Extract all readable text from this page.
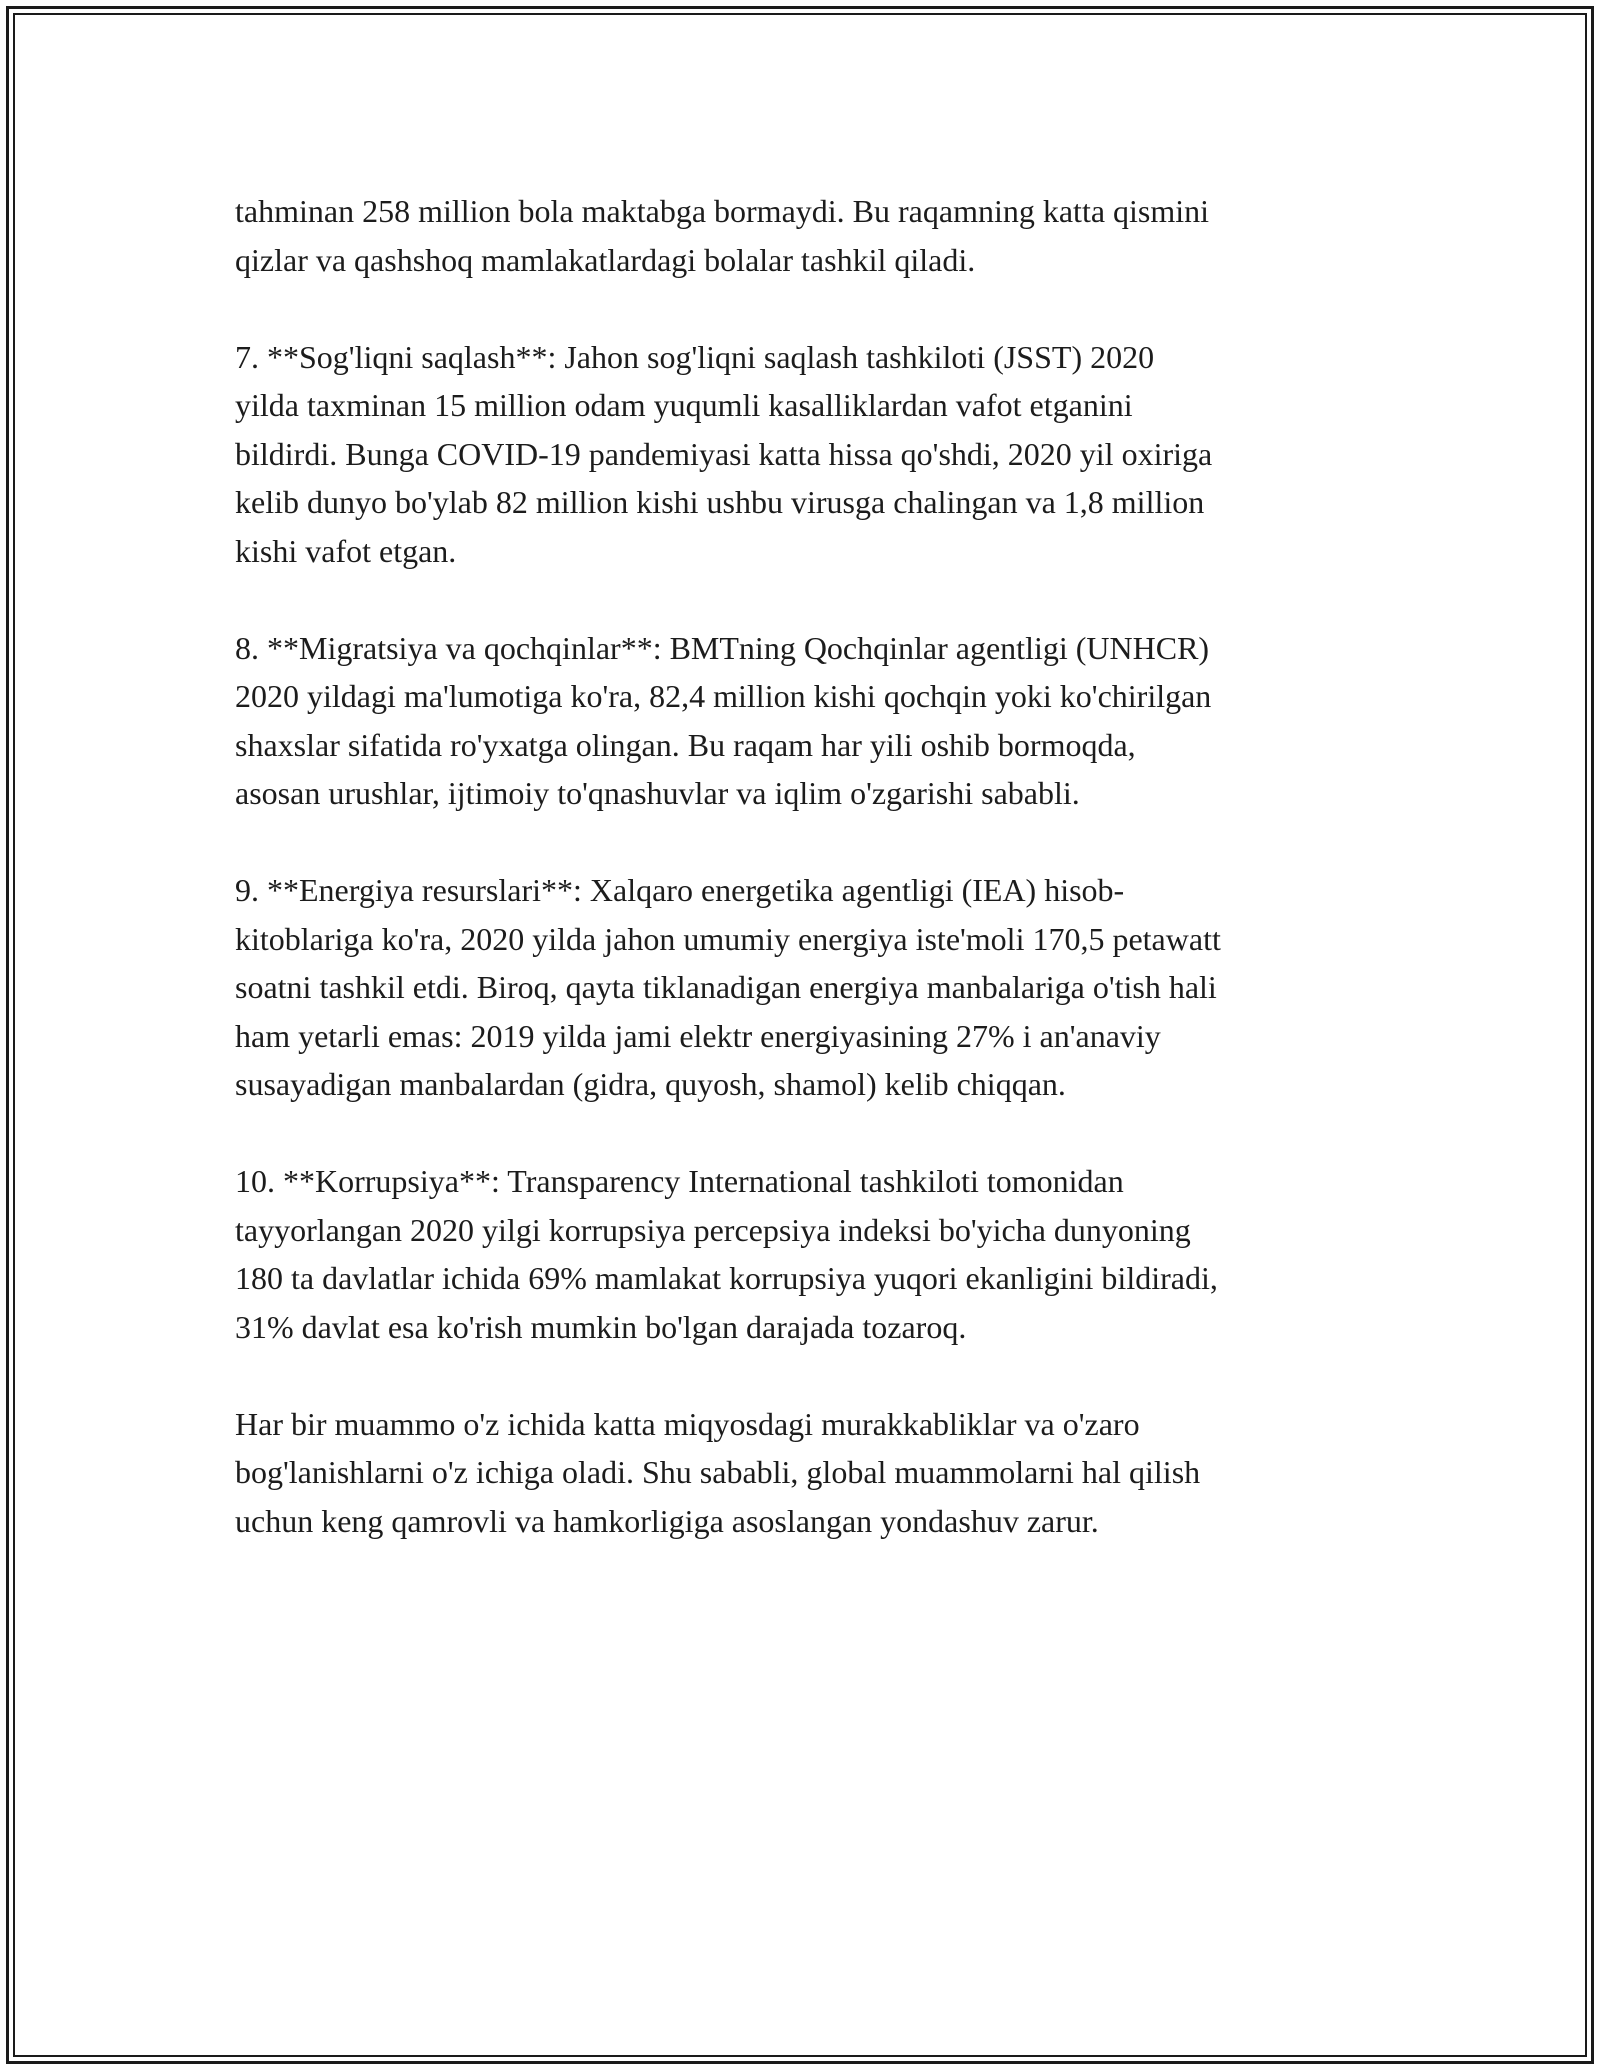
tahminan 258 million bola maktabga bormaydi. Bu raqamning katta qismini
qizlar va qashshoq mamlakatlardagi bolalar tashkil qiladi.

7. **Sog'liqni saqlash**: Jahon sog'liqni saqlash tashkiloti (JSST) 2020
yilda taxminan 15 million odam yuqumli kasalliklardan vafot etganini
bildirdi. Bunga COVID-19 pandemiyasi katta hissa qo'shdi, 2020 yil oxiriga
kelib dunyo bo'ylab 82 million kishi ushbu virusga chalingan va 1,8 million
kishi vafot etgan.

8. **Migratsiya va qochqinlar**: BMTning Qochqinlar agentligi (UNHCR)
2020 yildagi ma'lumotiga ko'ra, 82,4 million kishi qochqin yoki ko'chirilgan
shaxslar sifatida ro'yxatga olingan. Bu raqam har yili oshib bormoqda,
asosan urushlar, ijtimoiy to'qnashuvlar va iqlim o'zgarishi sababli.

9. **Energiya resurslari**: Xalqaro energetika agentligi (IEA) hisob-
kitoblariga ko'ra, 2020 yilda jahon umumiy energiya iste'moli 170,5 petawatt
soatni tashkil etdi. Biroq, qayta tiklanadigan energiya manbalariga o'tish hali
ham yetarli emas: 2019 yilda jami elektr energiyasining 27% i an'anaviy
susayadigan manbalardan (gidra, quyosh, shamol) kelib chiqqan.

10. **Korrupsiya**: Transparency International tashkiloti tomonidan
tayyorlangan 2020 yilgi korrupsiya percepsiya indeksi bo'yicha dunyoning
180 ta davlatlar ichida 69% mamlakat korrupsiya yuqori ekanligini bildiradi,
31% davlat esa ko'rish mumkin bo'lgan darajada tozaroq.

Har bir muammo o'z ichida katta miqyosdagi murakkabliklar va o'zaro
bog'lanishlarni o'z ichiga oladi. Shu sababli, global muammolarni hal qilish
uchun keng qamrovli va hamkorligiga asoslangan yondashuv zarur.
